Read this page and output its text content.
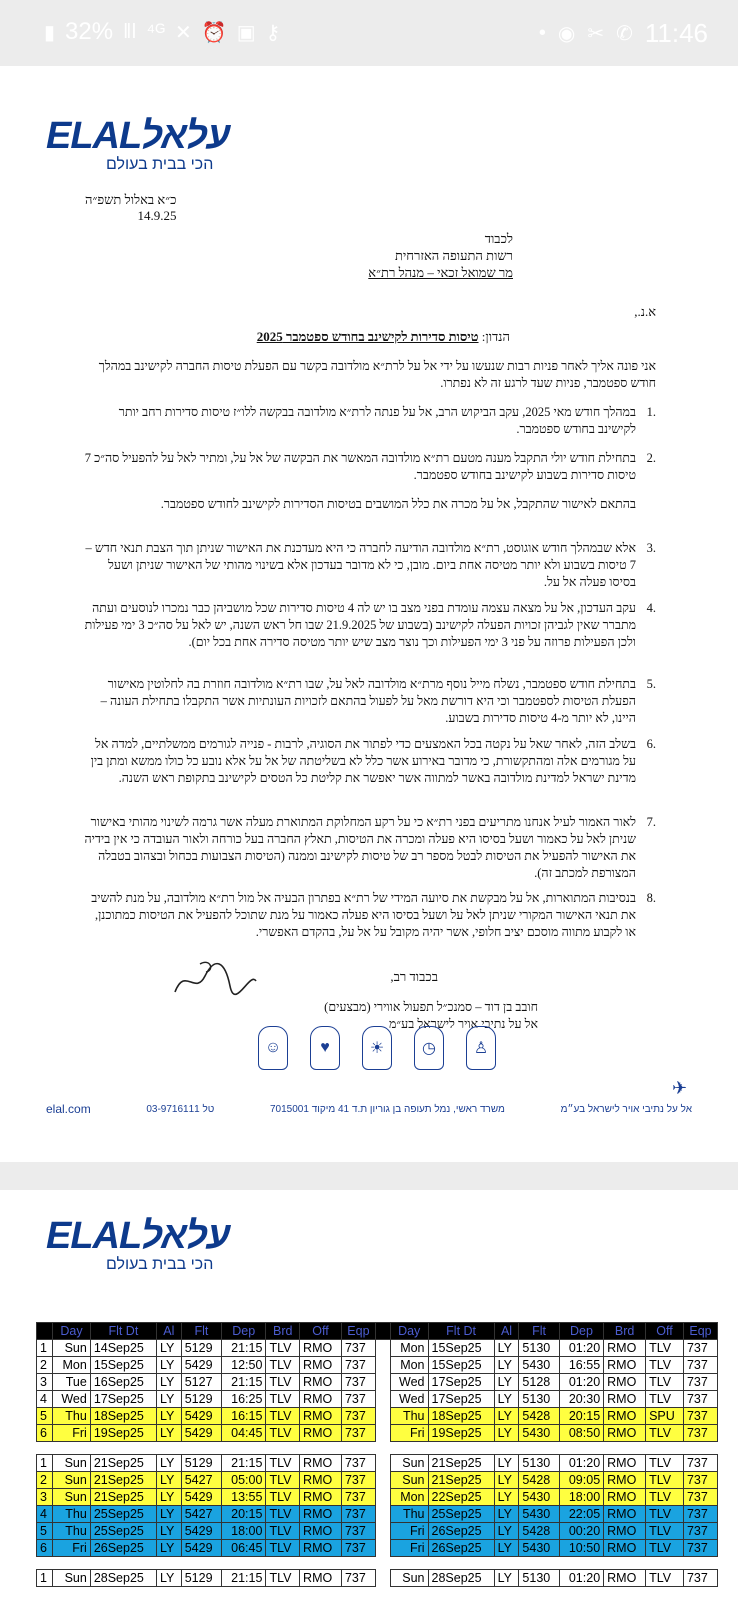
▮ 32% ǁǀ ⁴ᴳ ✕ ⏰ ▣ ⚷	• ◉ ✂ ✆ 11:46
ELALעלאל
הכי בבית בעולם
כ״א באלול תשפ״ה
14.9.25
לכבוד
רשות התעופה האזרחית
מר שמואל זכאי – מנהל רת״א
א.נ.,
הנדון: טיסות סדירות לקישינב בחודש ספטמבר 2025
אני פונה אליך לאחר פניות רבות שנעשו על ידי אל על לרת״א מולדובה בקשר עם הפעלת טיסות החברה לקישינב במהלך חודש ספטמבר, פניות שעד לרגע זה לא נפתרו.
.1
במהלך חודש מאי 2025, עקב הביקוש הרב, אל על פנתה לרת״א מולדובה בבקשה ללו״ז טיסות סדירות רחב יותר לקישינב בחודש ספטמבר.
.2
בתחילת חודש יולי התקבל מענה מטעם רת״א מולדובה המאשר את הבקשה של אל על, ומתיר לאל על להפעיל סה״כ 7 טיסות סדירות בשבוע לקישינב בחודש ספטמבר.
בהתאם לאישור שהתקבל, אל על מכרה את כלל המושבים בטיסות הסדירות לקישינב לחודש ספטמבר.
.3
אלא שבמהלך חודש אוגוסט, רת״א מולדובה הודיעה לחברה כי היא מעדכנת את האישור שניתן תוך הצבת תנאי חדש – 7 טיסות בשבוע ולא יותר מטיסה אחת ביום. מובן, כי לא מדובר בעדכון אלא בשינוי מהותי של האישור שניתן ושעל בסיסו פעלה אל על.
.4
עקב העדכון, אל על מצאה עצמה עומדת בפני מצב בו יש לה 4 טיסות סדירות שכל מושביהן כבר נמכרו לנוסעים ועתה מתברר שאין לגביהן זכויות הפעלה לקישינב (בשבוע של 21.9.2025 שבו חל ראש השנה, יש לאל על סה״כ 3 ימי פעילות ולכן הפעילות פרוזה על פני 3 ימי הפעילות וכך נוצר מצב שיש יותר מטיסה סדירה אחת בכל יום).
.5
בתחילת חודש ספטמבר, נשלח מייל נוסף מרת״א מולדובה לאל על, שבו רת״א מולדובה חוזרת בה לחלוטין מאישור הפעלת הטיסות לספטמבר וכי היא דורשת מאל על לפעול בהתאם לזכויות העונתיות אשר התקבלו בתחילת העונה – היינו, לא יותר מ-4 טיסות סדירות בשבוע.
.6
בשלב הזה, לאחר שאל על נקטה בכל האמצעים כדי לפתור את הסוגיה, לרבות - פנייה לגורמים ממשלתיים, למדה אל על מגורמים אלה ומהתקשורת, כי מדובר באירוע אשר כלל לא בשליטתה של אל על אלא נובע כל כולו ממשא ומתן בין מדינת ישראל למדינת מולדובה באשר למתווה אשר יאפשר את קליטת כל הטסים לקישינב בתקופת ראש השנה.
.7
לאור האמור לעיל אנחנו מתריעים בפני רת״א כי על רקע המחלוקת המתוארת מעלה אשר גרמה לשינוי מהותי באישור שניתן לאל על כאמור ושעל בסיסו היא פעלה ומכרה את הטיסות, תאלץ החברה בעל כורחה ולאור העובדה כי אין בידיה את האישור להפעיל את הטיסות לבטל מספר רב של טיסות לקישינב וממנה (הטיסות הצבועות בכחול ובצהוב בטבלה המצורפת למכתב זה).
.8
בנסיבות המתוארות, אל על מבקשת את סיועה המידי של רת״א בפתרון הבעיה אל מול רת״א מולדובה, על מנת להשיב את תנאי האישור המקורי שניתן לאל על ושעל בסיסו היא פעלה כאמור על מנת שתוכל להפעיל את הטיסות כמתוכנן, או לקבוע מתווה מוסכם יציב חלופי, אשר יהיה מקובל על אל על, בהקדם האפשרי.
בכבוד רב,
חובב בן דוד – סמנכ״ל תפעול אווירי (מבצעים)
אל על נתיבי אויר לישראל בע״מ
☺	♥	☀	◷	♙
✈
elal.com	טל 03-9716111	משרד ראשי, נמל תעופה בן גוריון ת.ד 41 מיקוד 7015001	אל על נתיבי אויר לישראל בע״מ
ELALעלאל
הכי בבית בעולם
	Day	Flt Dt	Al	Flt	Dep	Brd	Off	Eqp		Day	Flt Dt	Al	Flt	Dep	Brd	Off	Eqp
1	Sun	14Sep25	LY	5129	21:15	TLV	RMO	737		Mon	15Sep25	LY	5130	01:20	RMO	TLV	737
2	Mon	15Sep25	LY	5429	12:50	TLV	RMO	737		Mon	15Sep25	LY	5430	16:55	RMO	TLV	737
3	Tue	16Sep25	LY	5127	21:15	TLV	RMO	737		Wed	17Sep25	LY	5128	01:20	RMO	TLV	737
4	Wed	17Sep25	LY	5129	16:25	TLV	RMO	737		Wed	17Sep25	LY	5130	20:30	RMO	TLV	737
5	Thu	18Sep25	LY	5429	16:15	TLV	RMO	737		Thu	18Sep25	LY	5428	20:15	RMO	SPU	737
6	Fri	19Sep25	LY	5429	04:45	TLV	RMO	737		Fri	19Sep25	LY	5430	08:50	RMO	TLV	737

1	Sun	21Sep25	LY	5129	21:15	TLV	RMO	737		Sun	21Sep25	LY	5130	01:20	RMO	TLV	737
2	Sun	21Sep25	LY	5427	05:00	TLV	RMO	737		Sun	21Sep25	LY	5428	09:05	RMO	TLV	737
3	Sun	21Sep25	LY	5429	13:55	TLV	RMO	737		Mon	22Sep25	LY	5430	18:00	RMO	TLV	737
4	Thu	25Sep25	LY	5427	20:15	TLV	RMO	737		Thu	25Sep25	LY	5430	22:05	RMO	TLV	737
5	Thu	25Sep25	LY	5429	18:00	TLV	RMO	737		Fri	26Sep25	LY	5428	00:20	RMO	TLV	737
6	Fri	26Sep25	LY	5429	06:45	TLV	RMO	737		Fri	26Sep25	LY	5430	10:50	RMO	TLV	737

1	Sun	28Sep25	LY	5129	21:15	TLV	RMO	737		Sun	28Sep25	LY	5130	01:20	RMO	TLV	737
